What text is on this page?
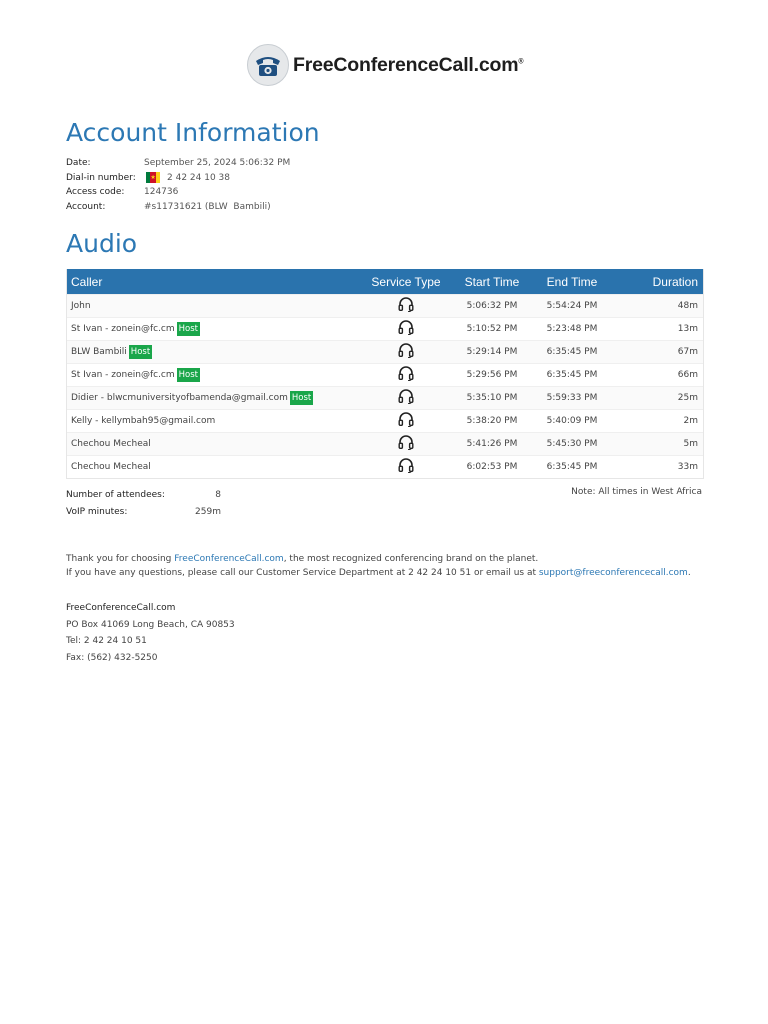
FreeConferenceCall.com®
Account Information
Date:	September 25, 2024 5:06:32 PM
Dial-in number:	★ 2 42 24 10 38
Access code:	124736
Account:	#s11731621 (BLW  Bambili)
Audio
Caller	Service Type	Start Time	End Time	Duration
John	5:06:32 PM	5:54:24 PM	48m
St Ivan - zonein@fc.cm Host	5:10:52 PM	5:23:48 PM	13m
BLW Bambili Host	5:29:14 PM	6:35:45 PM	67m
St Ivan - zonein@fc.cm Host	5:29:56 PM	6:35:45 PM	66m
Didier - blwcmuniversityofbamenda@gmail.com Host	5:35:10 PM	5:59:33 PM	25m
Kelly - kellymbah95@gmail.com	5:38:20 PM	5:40:09 PM	2m
Chechou Mecheal	5:41:26 PM	5:45:30 PM	5m
Chechou Mecheal	6:02:53 PM	6:35:45 PM	33m
Number of attendees:	8
VoIP minutes:	259m
Note: All times in West Africa
Thank you for choosing FreeConferenceCall.com, the most recognized conferencing brand on the planet.
If you have any questions, please call our Customer Service Department at 2 42 24 10 51 or email us at support@freeconferencecall.com.
FreeConferenceCall.com
PO Box 41069 Long Beach, CA 90853
Tel: 2 42 24 10 51
Fax: (562) 432-5250
